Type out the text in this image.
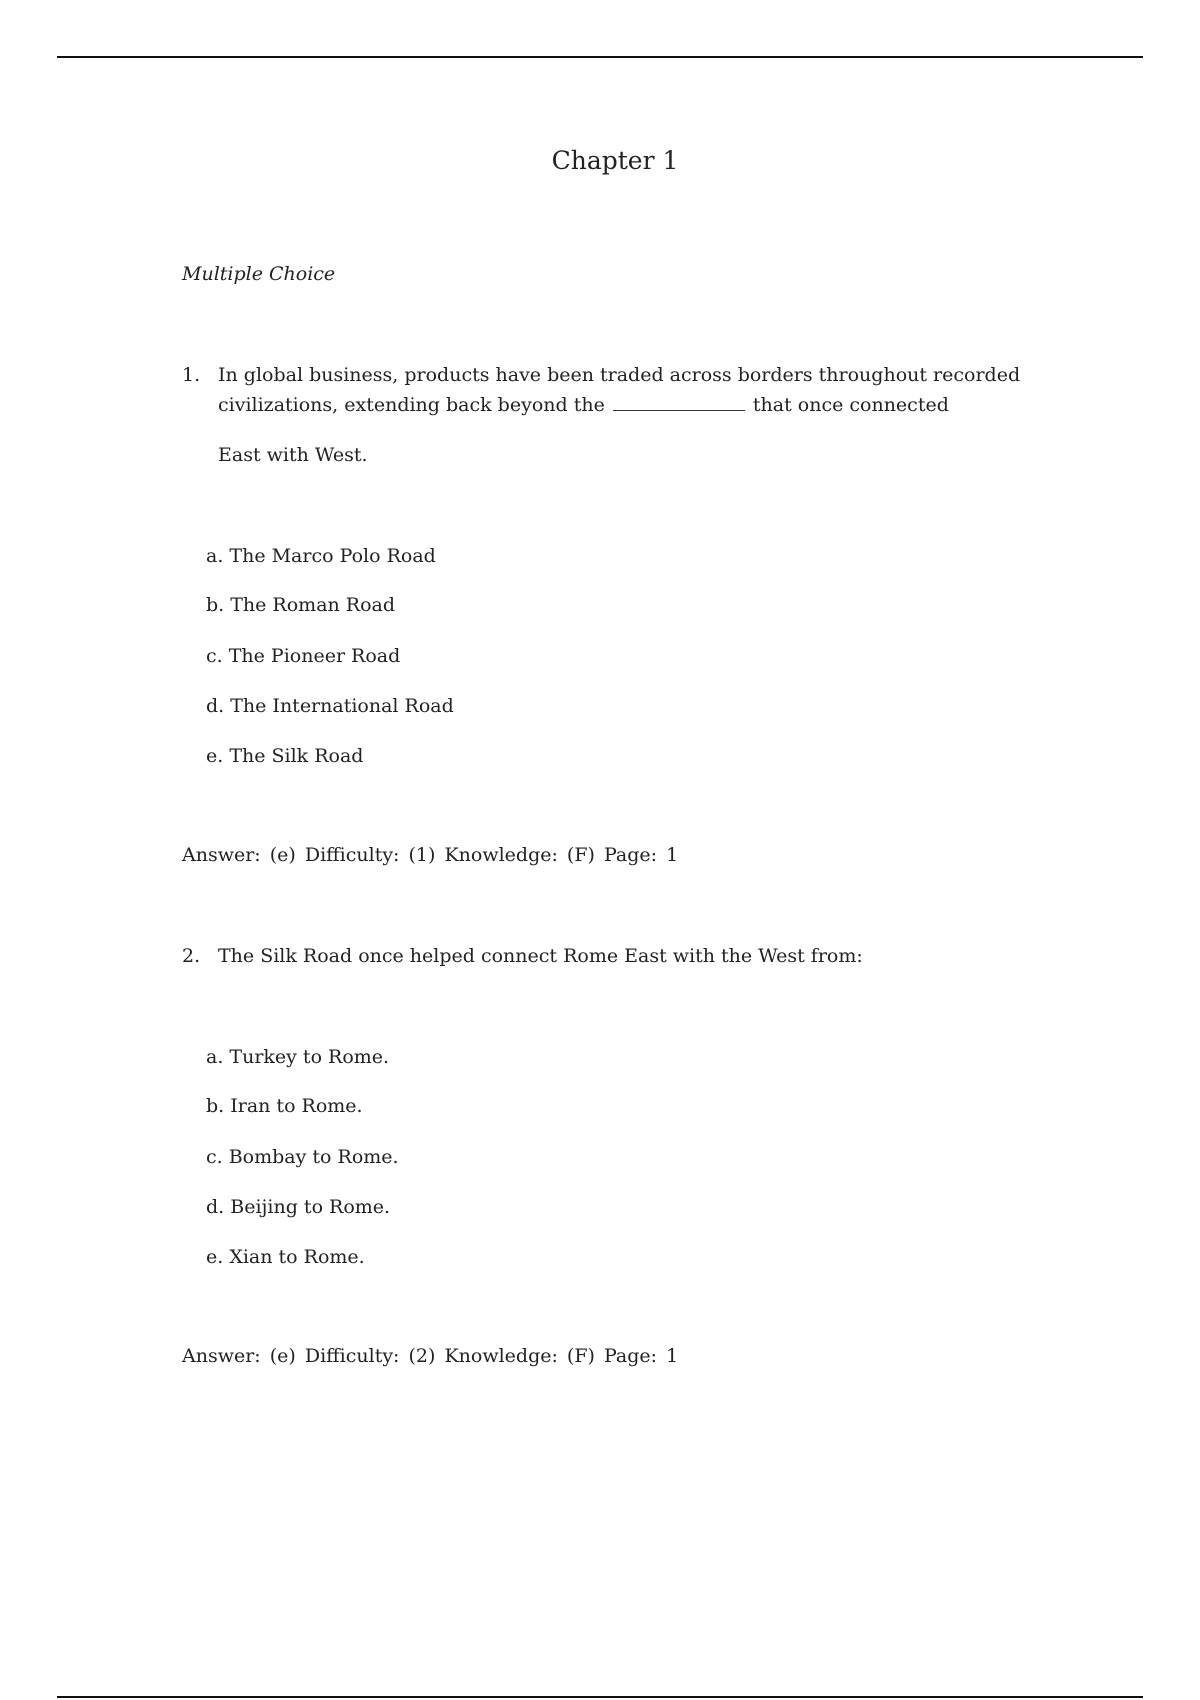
Chapter 1
Multiple Choice
1. In global business, products have been traded across borders throughout recorded
civilizations, extending back beyond the	that once connected
East with West.
a. The Marco Polo Road
b. The Roman Road
c. The Pioneer Road
d. The International Road
e. The Silk Road
Answer: (e) Difficulty: (1) Knowledge: (F) Page: 1
2. The Silk Road once helped connect Rome East with the West from:
a. Turkey to Rome.
b. Iran to Rome.
c. Bombay to Rome.
d. Beijing to Rome.
e. Xian to Rome.
Answer: (e) Difficulty: (2) Knowledge: (F) Page: 1
